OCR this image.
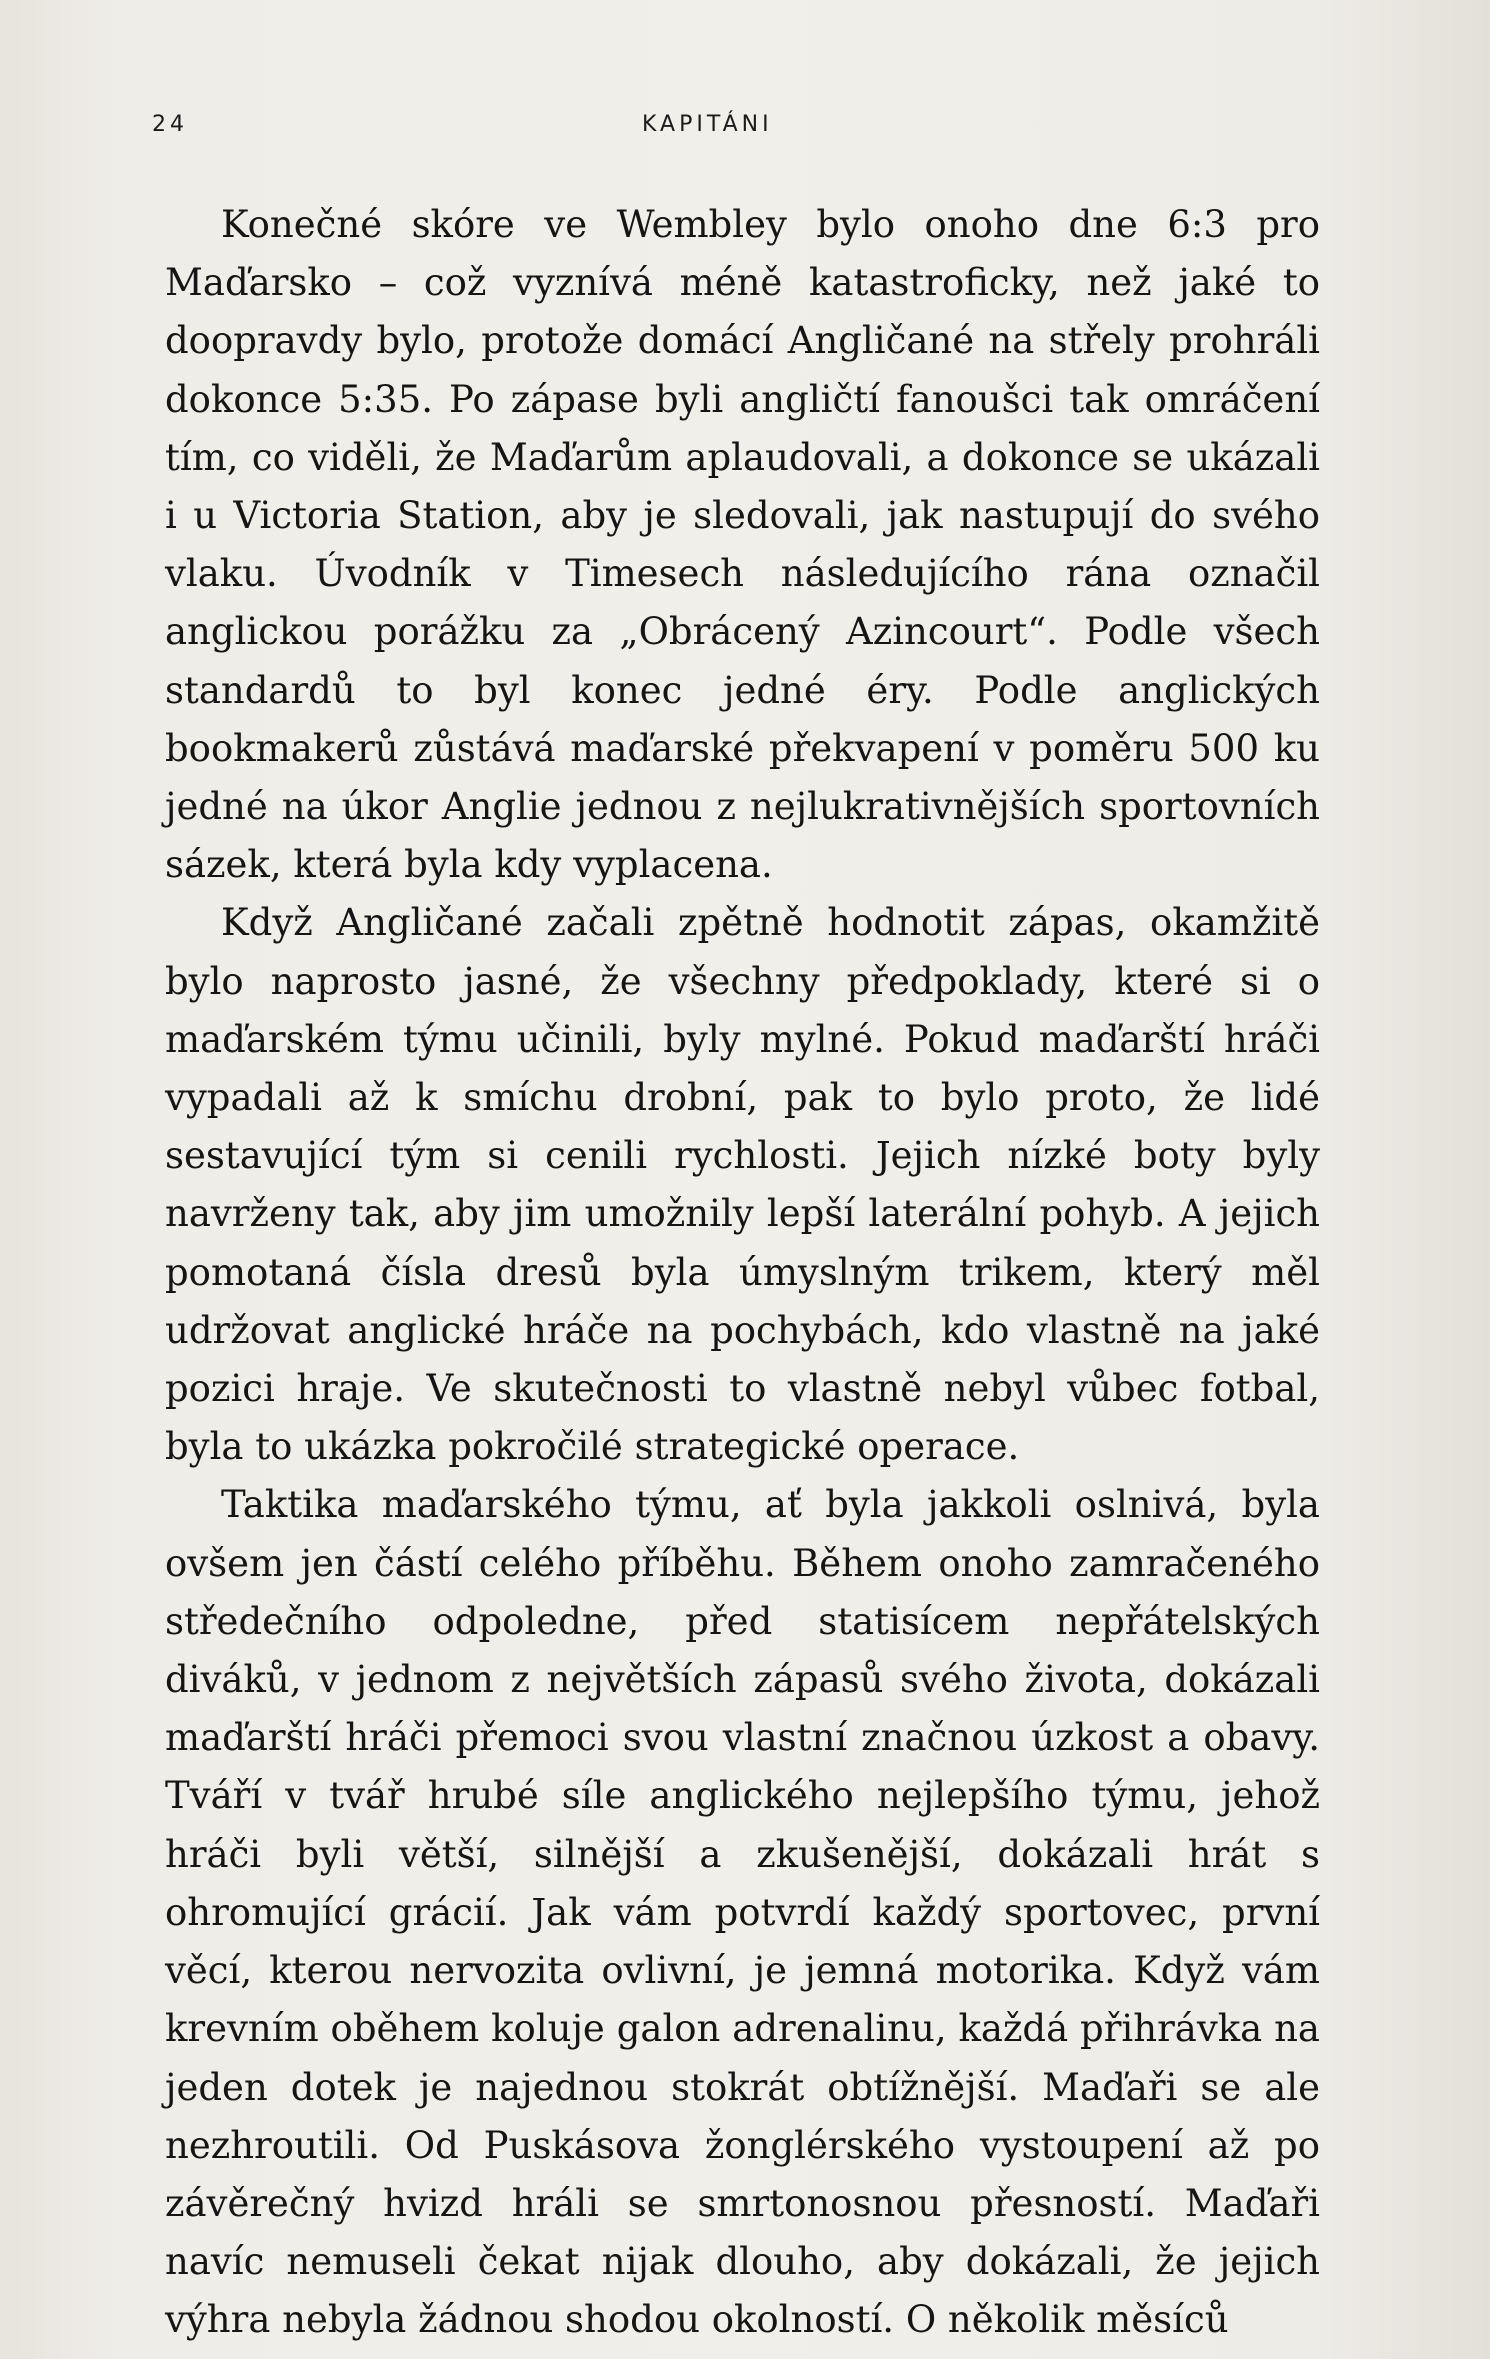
24	KAPITÁNI

Konečné skóre ve Wembley bylo onoho dne 6:3 pro Maďarsko – což vyznívá méně katastroficky, než jaké to doopravdy bylo, protože domácí Angličané na střely prohráli dokonce 5:35. Po zápase byli angličtí fanoušci tak omráčení tím, co viděli, že Maďarům aplaudovali, a dokonce se ukázali i u Victoria Station, aby je sledovali, jak nastupují do svého vlaku. Úvodník v Timesech následujícího rána označil anglickou porážku za „Obrácený Azincourt“. Podle všech standardů to byl konec jedné éry. Podle anglických bookmakerů zůstává maďarské překvapení v poměru 500 ku jedné na úkor Anglie jednou z nejlukrativnějších sportovních sázek, která byla kdy vyplacena.

Když Angličané začali zpětně hodnotit zápas, okamžitě bylo naprosto jasné, že všechny předpoklady, které si o maďarském týmu učinili, byly mylné. Pokud maďarští hráči vypadali až k smíchu drobní, pak to bylo proto, že lidé sestavující tým si cenili rychlosti. Jejich nízké boty byly navrženy tak, aby jim umožnily lepší laterální pohyb. A jejich pomotaná čísla dresů byla úmyslným trikem, který měl udržovat anglické hráče na pochybách, kdo vlastně na jaké pozici hraje. Ve skutečnosti to vlastně nebyl vůbec fotbal, byla to ukázka pokročilé strategické operace.

Taktika maďarského týmu, ať byla jakkoli oslnivá, byla ovšem jen částí celého příběhu. Během onoho zamračeného středečního odpoledne, před statisícem nepřátelských diváků, v jednom z největších zápasů svého života, dokázali maďarští hráči přemoci svou vlastní značnou úzkost a obavy. Tváří v tvář hrubé síle anglického nejlepšího týmu, jehož hráči byli větší, silnější a zkušenější, dokázali hrát s ohromující grácií. Jak vám potvrdí každý sportovec, první věcí, kterou nervozita ovlivní, je jemná motorika. Když vám krevním oběhem koluje galon adrenalinu, každá přihrávka na jeden dotek je najednou stokrát obtížnější. Maďaři se ale nezhroutili. Od Puskásova žonglérského vystoupení až po závěrečný hvizd hráli se smrtonosnou přesností. Maďaři navíc nemuseli čekat nijak dlouho, aby dokázali, že jejich výhra nebyla žádnou shodou okolností. O několik měsíců
